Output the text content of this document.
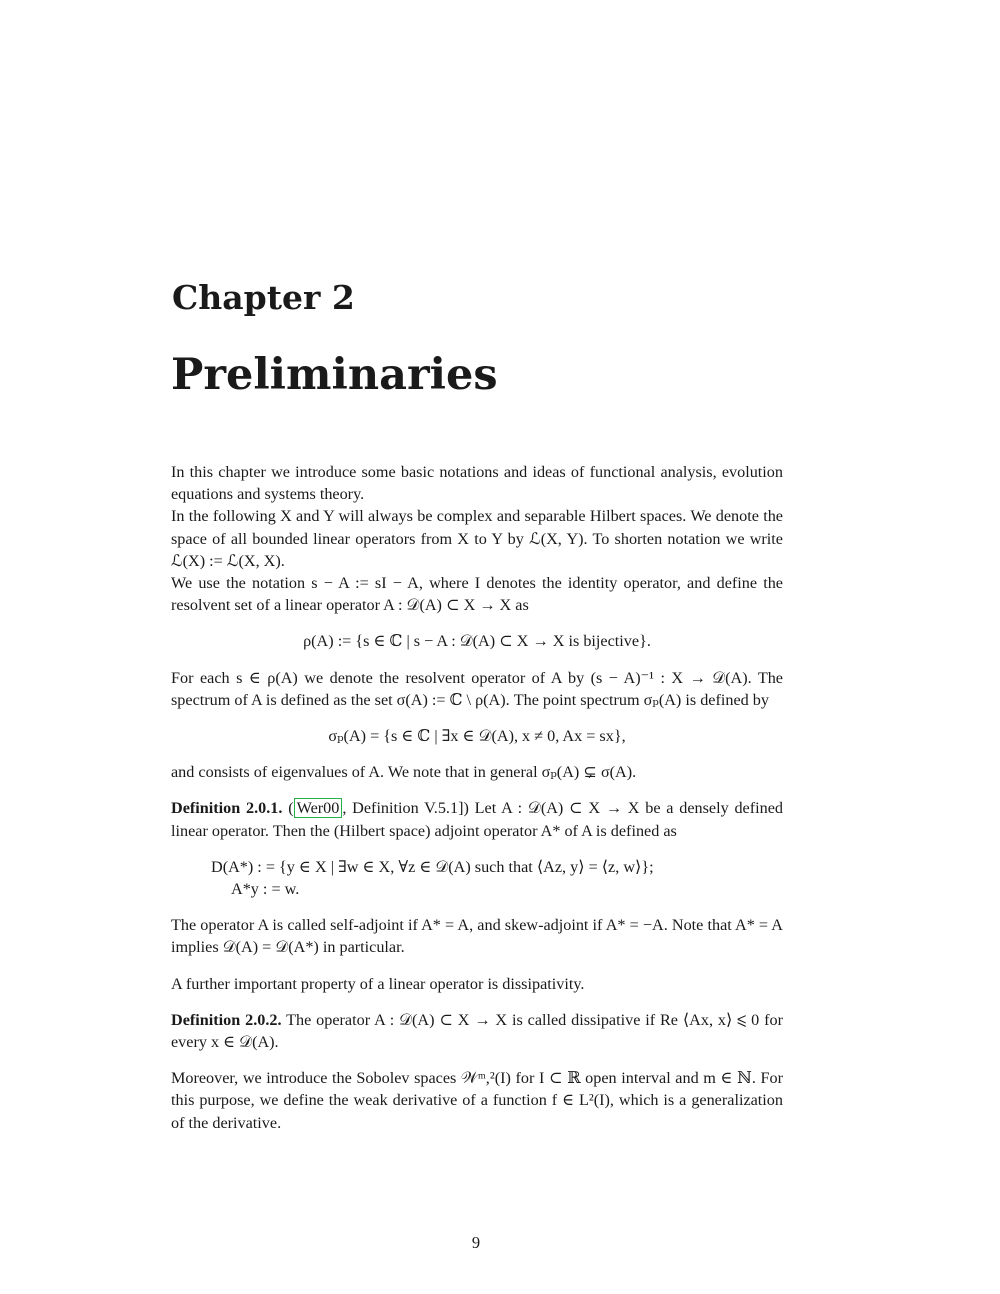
Chapter 2
Preliminaries

In this chapter we introduce some basic notations and ideas of functional analysis, evolution equations and systems theory.

In the following X and Y will always be complex and separable Hilbert spaces. We denote the space of all bounded linear operators from X to Y by ℒ(X, Y). To shorten notation we write ℒ(X) := ℒ(X, X).

We use the notation s − A := sI − A, where I denotes the identity operator, and define the resolvent set of a linear operator A : 𝒟(A) ⊂ X → X as

ρ(A) := {s ∈ ℂ | s − A : 𝒟(A) ⊂ X → X is bijective}.

For each s ∈ ρ(A) we denote the resolvent operator of A by (s − A)⁻¹ : X → 𝒟(A). The spectrum of A is defined as the set σ(A) := ℂ \ ρ(A). The point spectrum σₚ(A) is defined by

σₚ(A) = {s ∈ ℂ | ∃x ∈ 𝒟(A), x ≠ 0, Ax = sx},

and consists of eigenvalues of A. We note that in general σₚ(A) ⊊ σ(A).

Definition 2.0.1. ( Wer00 , Definition V.5.1]) Let A : 𝒟(A) ⊂ X → X be a densely defined linear operator. Then the (Hilbert space) adjoint operator A* of A is defined as

D(A*) : = {y ∈ X | ∃w ∈ X, ∀z ∈ 𝒟(A) such that ⟨Az, y⟩ = ⟨z, w⟩};
A*y : = w.

The operator A is called self-adjoint if A* = A, and skew-adjoint if A* = −A. Note that A* = A implies 𝒟(A) = 𝒟(A*) in particular.

A further important property of a linear operator is dissipativity.

Definition 2.0.2. The operator A : 𝒟(A) ⊂ X → X is called dissipative if Re ⟨Ax, x⟩ ⩽ 0 for every x ∈ 𝒟(A).

Moreover, we introduce the Sobolev spaces 𝒲ᵐ,²(I) for I ⊂ ℝ open interval and m ∈ ℕ. For this purpose, we define the weak derivative of a function f ∈ L²(I), which is a generalization of the derivative.

9
